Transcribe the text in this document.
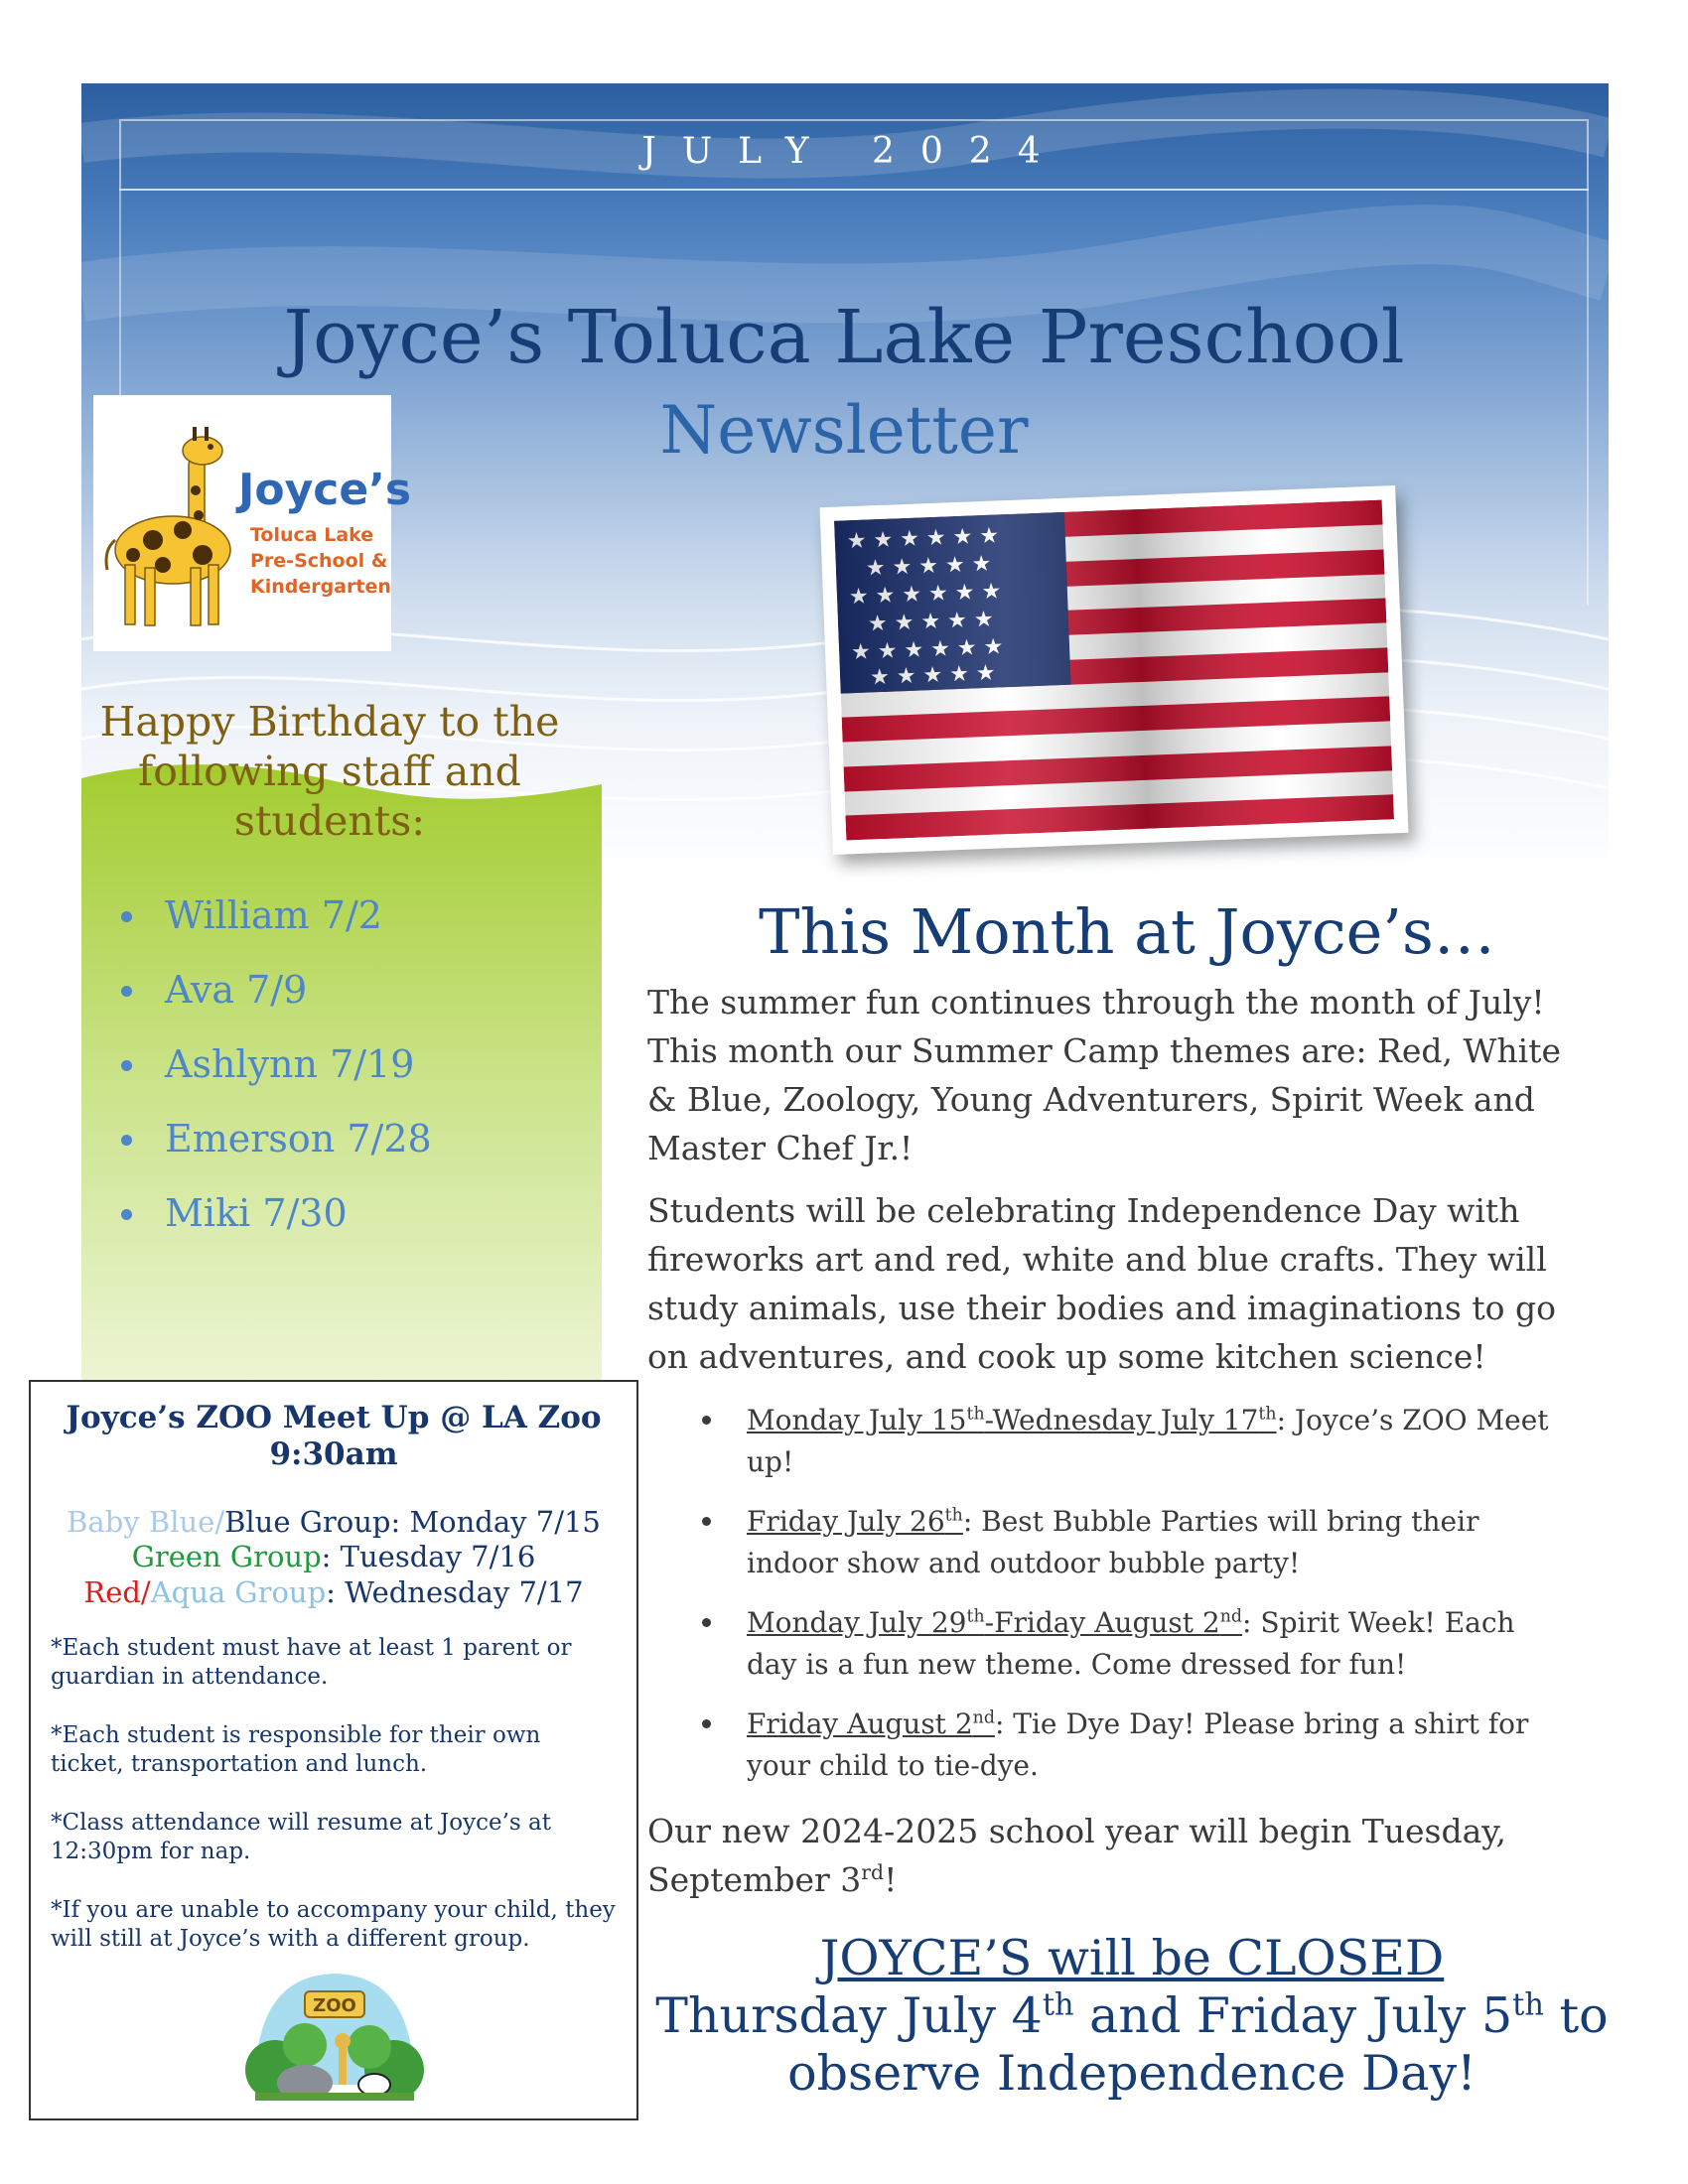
JULY 2024
Joyce’s Toluca Lake Preschool
Newsletter
Joyce’s
Toluca Lake
Pre-School &
Kindergarten
Happy Birthday to the following staff and students:
William 7/2
Ava 7/9
Ashlynn 7/19
Emerson 7/28
Miki 7/30
Joyce’s ZOO Meet Up @ LA Zoo
9:30am
Baby Blue/Blue Group: Monday 7/15
Green Group: Tuesday 7/16
Red/Aqua Group: Wednesday 7/17

*Each student must have at least 1 parent or guardian in attendance.

*Each student is responsible for their own ticket, transportation and lunch.

*Class attendance will resume at Joyce’s at 12:30pm for nap.

*If you are unable to accompany your child, they will still at Joyce’s with a different group.

ZOO
This Month at Joyce’s…
The summer fun continues through the month of July! This month our Summer Camp themes are: Red, White & Blue, Zoology, Young Adventurers, Spirit Week and Master Chef Jr.!
Students will be celebrating Independence Day with fireworks art and red, white and blue crafts. They will study animals, use their bodies and imaginations to go on adventures, and cook up some kitchen science!
Monday July 15th-Wednesday July 17th: Joyce’s ZOO Meet up!
Friday July 26th: Best Bubble Parties will bring their indoor show and outdoor bubble party!
Monday July 29th-Friday August 2nd: Spirit Week! Each day is a fun new theme. Come dressed for fun!
Friday August 2nd: Tie Dye Day! Please bring a shirt for your child to tie-dye.
Our new 2024-2025 school year will begin Tuesday, September 3rd!
JOYCE’S will be CLOSED
Thursday July 4th and Friday July 5th to
observe Independence Day!
